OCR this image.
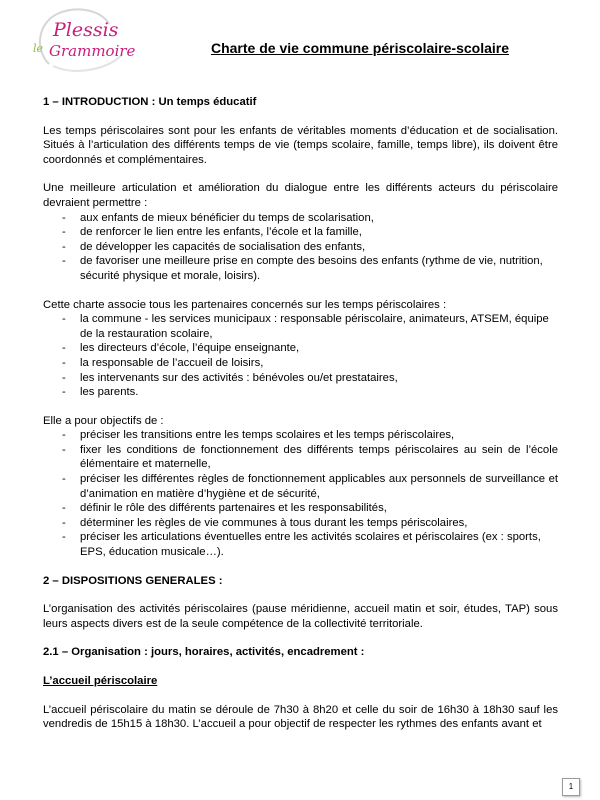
le
Plessis
Grammoire	Charte de vie commune périscolaire-scolaire

1 – INTRODUCTION : Un temps éducatif

Les temps périscolaires sont pour les enfants de véritables moments d’éducation et de socialisation. Situés à l’articulation des différents temps de vie (temps scolaire, famille, temps libre), ils doivent être coordonnés et complémentaires.

Une meilleure articulation et amélioration du dialogue entre les différents acteurs du périscolaire devraient permettre :

- aux enfants de mieux bénéficier du temps de scolarisation,
- de renforcer le lien entre les enfants, l’école et la famille,
- de développer les capacités de socialisation des enfants,
- de favoriser une meilleure prise en compte des besoins des enfants (rythme de vie, nutrition, sécurité physique et morale, loisirs).

Cette charte associe tous les partenaires concernés sur les temps périscolaires :

- la commune - les services municipaux : responsable périscolaire, animateurs, ATSEM, équipe de la restauration scolaire,
- les directeurs d’école, l’équipe enseignante,
- la responsable de l’accueil de loisirs,
- les intervenants sur des activités : bénévoles ou/et prestataires,
- les parents.

Elle a pour objectifs de :

- préciser les transitions entre les temps scolaires et les temps périscolaires,
- fixer les conditions de fonctionnement des différents temps périscolaires au sein de l’école élémentaire et maternelle,
- préciser les différentes règles de fonctionnement applicables aux personnels de surveillance et d’animation en matière d’hygiène et de sécurité,
- définir le rôle des différents partenaires et les responsabilités,
- déterminer les règles de vie communes à tous durant les temps périscolaires,
- préciser les articulations éventuelles entre les activités scolaires et périscolaires (ex : sports, EPS, éducation musicale…).

2 – DISPOSITIONS GENERALES :

L’organisation des activités périscolaires (pause méridienne, accueil matin et soir, études, TAP) sous leurs aspects divers est de la seule compétence de la collectivité territoriale.

2.1 – Organisation : jours, horaires, activités, encadrement :

L’accueil périscolaire

L’accueil périscolaire du matin se déroule de 7h30 à 8h20 et celle du soir de 16h30 à 18h30 sauf les vendredis de 15h15 à 18h30. L’accueil a pour objectif de respecter les rythmes des enfants avant et

1
